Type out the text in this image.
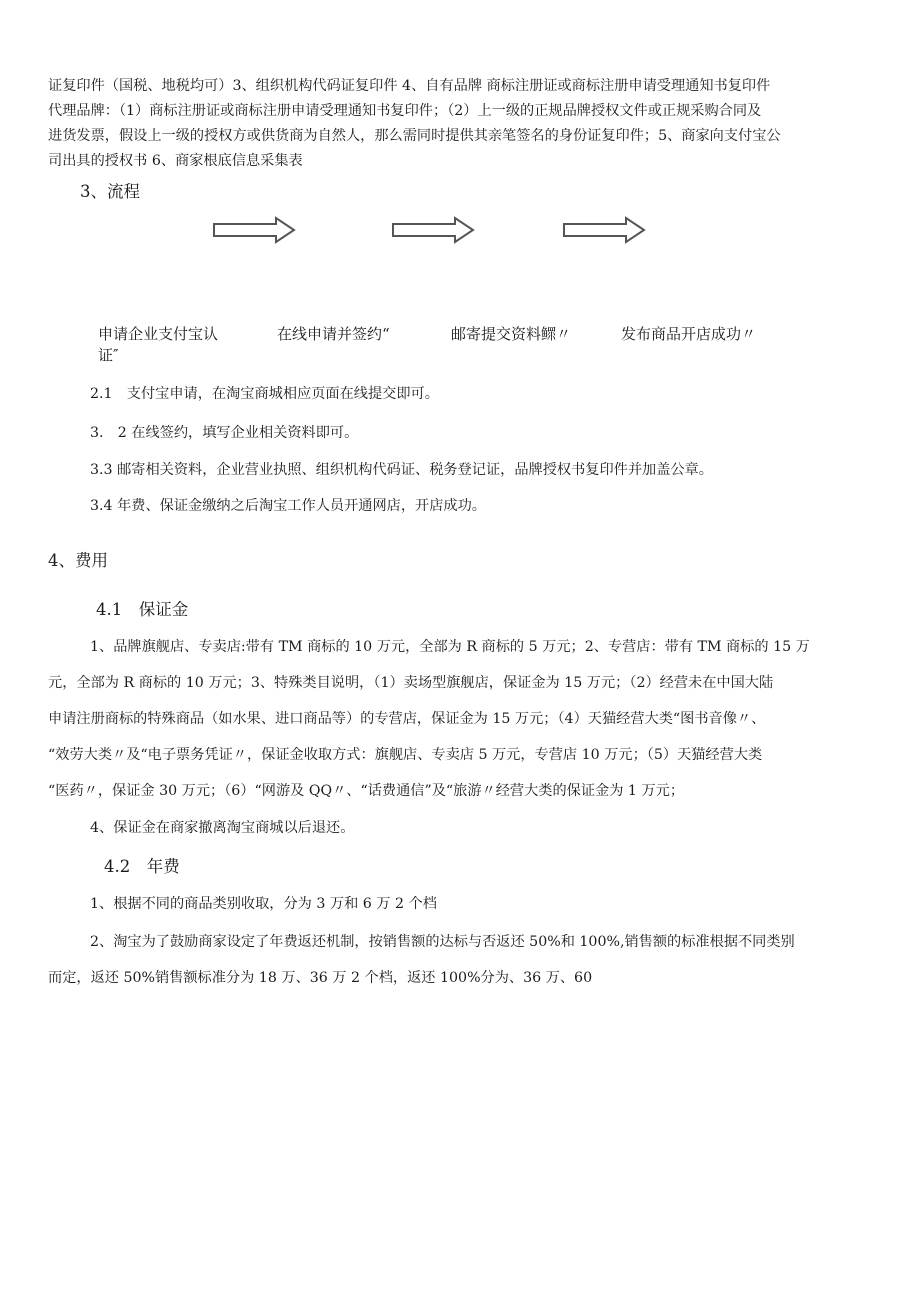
证复印件（国税、地税均可）3、组织机构代码证复印件 4、自有品牌 商标注册证或商标注册申请受理通知书复印件
代理品牌：（1）商标注册证或商标注册申请受理通知书复印件；（2）上一级的正规品牌授权文件或正规采购合同及
进货发票，假设上一级的授权方或供货商为自然人，那么需同时提供其亲笔签名的身份证复印件；5、商家向支付宝公
司出具的授权书 6、商家根底信息采集表
3、流程
申请企业支付宝认
证″
在线申请并签约“	邮寄提交资料鳏〃	发布商品开店成功〃
2.1　支付宝申请，在淘宝商城相应页面在线提交即可。
3.　2 在线签约，填写企业相关资料即可。
3.3 邮寄相关资料，企业营业执照、组织机构代码证、税务登记证，品牌授权书复印件并加盖公章。
3.4 年费、保证金缴纳之后淘宝工作人员开通网店，开店成功。
4、费用
4.1　保证金
1、品牌旗舰店、专卖店:带有 TM 商标的 10 万元，全部为 R 商标的 5 万元；2、专营店：带有 TM 商标的 15 万
元，全部为 R 商标的 10 万元；3、特殊类目说明，（1）卖场型旗舰店，保证金为 15 万元；（2）经营未在中国大陆
申请注册商标的特殊商品（如水果、进口商品等）的专营店，保证金为 15 万元；（4）天猫经营大类“图书音像〃、
“效劳大类〃及“电子票务凭证〃，保证金收取方式：旗舰店、专卖店 5 万元，专营店 10 万元；（5）天猫经营大类
“医药〃，保证金 30 万元；（6）“网游及 QQ〃、“话费通信”及“旅游〃经营大类的保证金为 1 万元；
4、保证金在商家撤离淘宝商城以后退还。
4.2　年费
1、根据不同的商品类别收取，分为 3 万和 6 万 2 个档
2、淘宝为了鼓励商家设定了年费返还机制，按销售额的达标与否返还 50%和 100%,销售额的标准根据不同类别
而定，返还 50%销售额标准分为 18 万、36 万 2 个档，返还 100%分为、36 万、60
